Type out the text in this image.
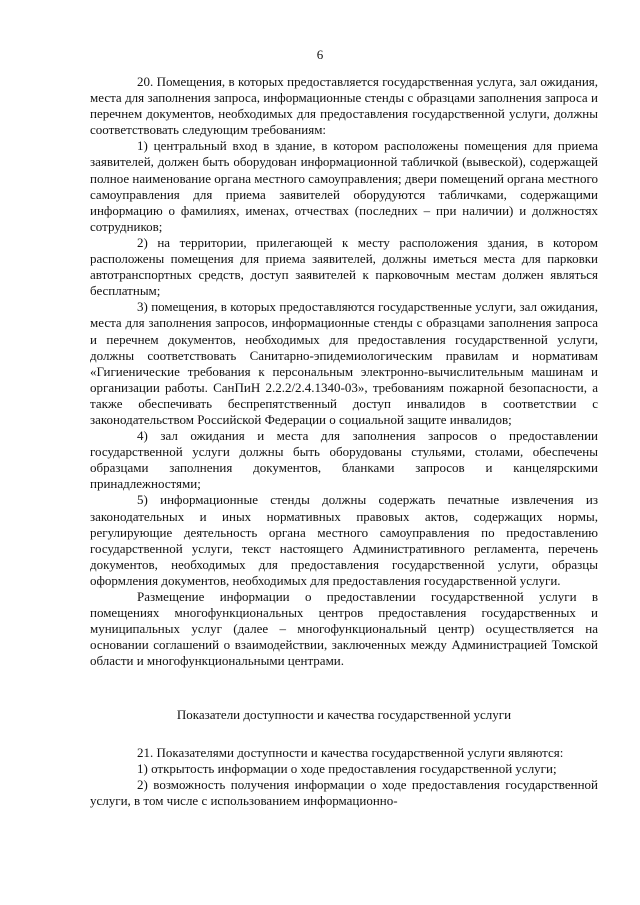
6

20. Помещения, в которых предоставляется государственная услуга, зал ожидания, места для заполнения запроса, информационные стенды с образцами заполнения запроса и перечнем документов, необходимых для предоставления государственной услуги, должны соответствовать следующим требованиям:

1) центральный вход в здание, в котором расположены помещения для приема заявителей, должен быть оборудован информационной табличкой (вывеской), содержащей полное наименование органа местного самоуправления; двери помещений органа местного самоуправления для приема заявителей оборудуются табличками, содержащими информацию о фамилиях, именах, отчествах (последних – при наличии) и должностях сотрудников;

2) на территории, прилегающей к месту расположения здания, в котором расположены помещения для приема заявителей, должны иметься места для парковки автотранспортных средств, доступ заявителей к парковочным местам должен являться бесплатным;

3) помещения, в которых предоставляются государственные услуги, зал ожидания, места для заполнения запросов, информационные стенды с образцами заполнения запроса и перечнем документов, необходимых для предоставления государственной услуги, должны соответствовать Санитарно-эпидемиологическим правилам и нормативам «Гигиенические требования к персональным электронно-вычислительным машинам и организации работы. СанПиН 2.2.2/2.4.1340-03», требованиям пожарной безопасности, а также обеспечивать беспрепятственный доступ инвалидов в соответствии с законодательством Российской Федерации о социальной защите инвалидов;

4) зал ожидания и места для заполнения запросов о предоставлении государственной услуги должны быть оборудованы стульями, столами, обеспечены образцами заполнения документов, бланками запросов и канцелярскими принадлежностями;

5) информационные стенды должны содержать печатные извлечения из законодательных и иных нормативных правовых актов, содержащих нормы, регулирующие деятельность органа местного самоуправления по предоставлению государственной услуги, текст настоящего Административного регламента, перечень документов, необходимых для предоставления государственной услуги, образцы оформления документов, необходимых для предоставления государственной услуги.

Размещение информации о предоставлении государственной услуги в помещениях многофункциональных центров предоставления государственных и муниципальных услуг (далее – многофункциональный центр) осуществляется на основании соглашений о взаимодействии, заключенных между Администрацией Томской области и многофункциональными центрами.

Показатели доступности и качества государственной услуги

21. Показателями доступности и качества государственной услуги являются:

1) открытость информации о ходе предоставления государственной услуги;

2) возможность получения информации о ходе предоставления государственной услуги, в том числе с использованием информационно-
